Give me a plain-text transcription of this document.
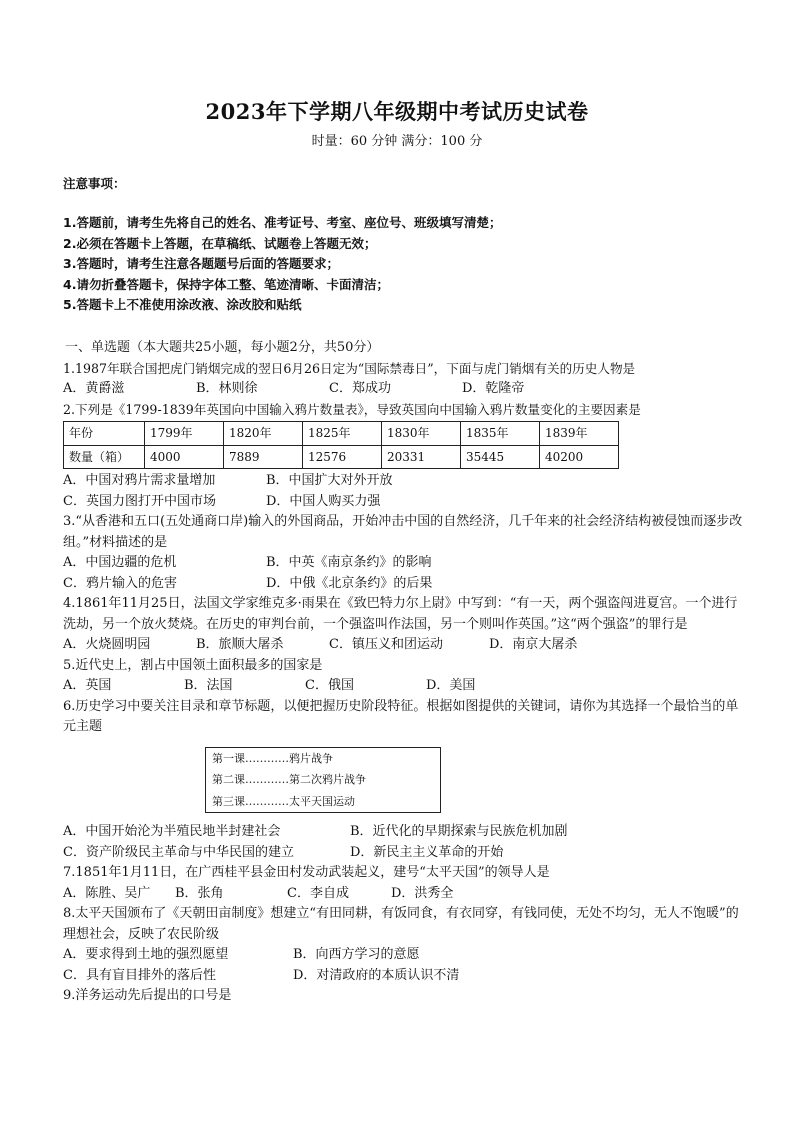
2023年下学期八年级期中考试历史试卷
时量：60 分钟 满分：100 分
注意事项：
1.答题前，请考生先将自己的姓名、准考证号、考室、座位号、班级填写清楚；
2.必须在答题卡上答题，在草稿纸、试题卷上答题无效；
3.答题时，请考生注意各题题号后面的答题要求；
4.请勿折叠答题卡，保持字体工整、笔迹清晰、卡面清洁；
5.答题卡上不准使用涂改液、涂改胶和贴纸
一、单选题（本大题共25小题，每小题2分，共50分）
1.1987年联合国把虎门销烟完成的翌日6月26日定为“国际禁毒日”，下面与虎门销烟有关的历史人物是
A．黄爵滋	B．林则徐	C．郑成功	D．乾隆帝
2.下列是《1799-1839年英国向中国输入鸦片数量表》，导致英国向中国输入鸦片数量变化的主要因素是
年份	1799年	1820年	1825年	1830年	1835年	1839年
数量（箱）	4000	7889	12576	20331	35445	40200
A．中国对鸦片需求量增加	B．中国扩大对外开放
C．英国力图打开中国市场	D．中国人购买力强
3.“从香港和五口(五处通商口岸)输入的外国商品，开始冲击中国的自然经济，几千年来的社会经济结构被侵蚀而逐步改组。”材料描述的是
A．中国边疆的危机	B．中英《南京条约》的影响
C．鸦片输入的危害	D．中俄《北京条约》的后果
4.1861年11月25日，法国文学家维克多·雨果在《致巴特力尔上尉》中写到：“有一天，两个强盗闯进夏宫。一个进行洗劫，另一个放火焚烧。在历史的审判台前，一个强盗叫作法国，另一个则叫作英国。”这“两个强盗”的罪行是
A．火烧圆明园	B．旅顺大屠杀	C．镇压义和团运动	D．南京大屠杀
5.近代史上，割占中国领土面积最多的国家是
A．英国	B．法国	C．俄国	D．美国
6.历史学习中要关注目录和章节标题，以便把握历史阶段特征。根据如图提供的关键词，请你为其选择一个最恰当的单元主题
第一课…………鸦片战争
第二课…………第二次鸦片战争
第三课…………太平天国运动
A．中国开始沦为半殖民地半封建社会	B．近代化的早期探索与民族危机加剧
C．资产阶级民主革命与中华民国的建立	D．新民主主义革命的开始
7.1851年1月11日，在广西桂平县金田村发动武装起义，建号“太平天国”的领导人是
A．陈胜、吴广	B．张角	C．李自成	D．洪秀全
8.太平天国颁布了《天朝田亩制度》想建立“有田同耕，有饭同食，有衣同穿，有钱同使，无处不均匀，无人不饱暖”的理想社会，反映了农民阶级
A．要求得到土地的强烈愿望	B．向西方学习的意愿
C．具有盲目排外的落后性	D．对清政府的本质认识不清
9.洋务运动先后提出的口号是
